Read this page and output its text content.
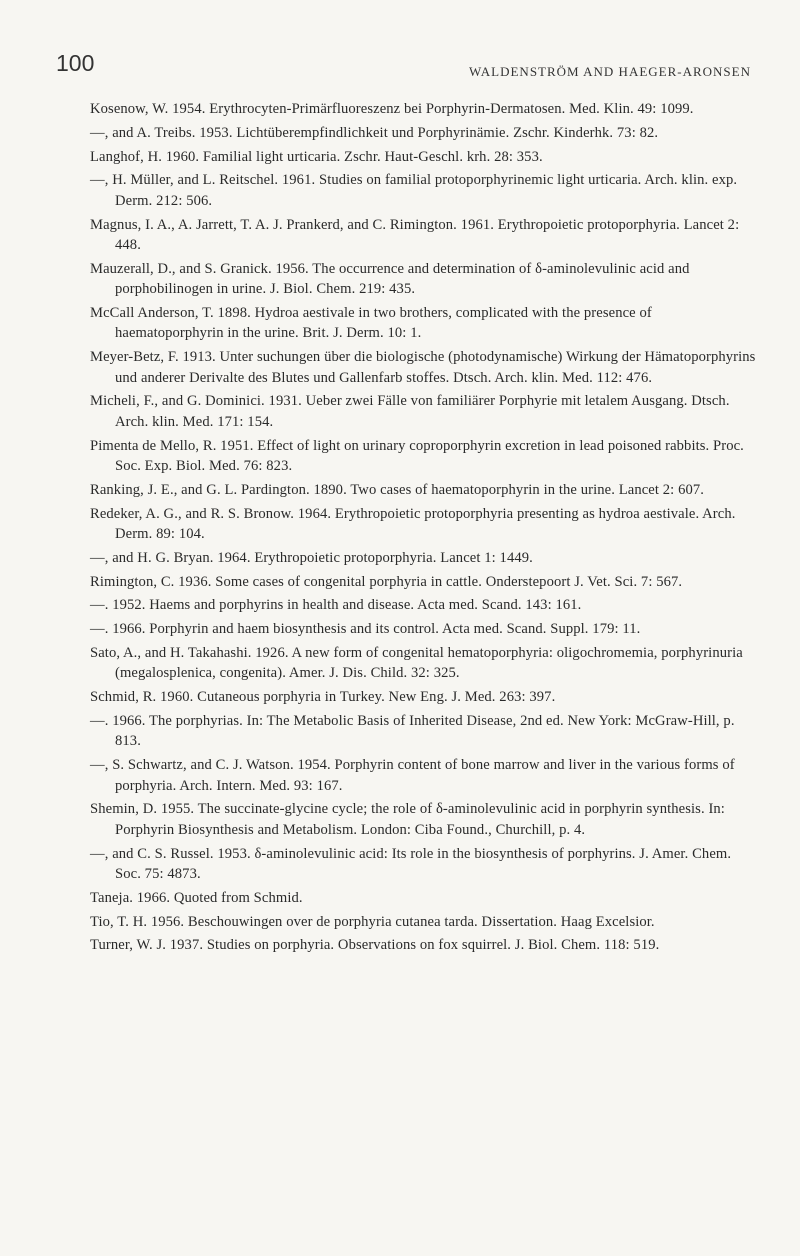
100	WALDENSTRÖM AND HAEGER-ARONSEN

Kosenow, W. 1954. Erythrocyten-Primärfluoreszenz bei Porphyrin-Dermatosen. Med. Klin. 49: 1099.

—, and A. Treibs. 1953. Lichtüberempfindlichkeit und Porphyrinämie. Zschr. Kinderhk. 73: 82.

Langhof, H. 1960. Familial light urticaria. Zschr. Haut-Geschl. krh. 28: 353.

—, H. Müller, and L. Reitschel. 1961. Studies on familial protoporphyrinemic light urticaria. Arch. klin. exp. Derm. 212: 506.

Magnus, I. A., A. Jarrett, T. A. J. Prankerd, and C. Rimington. 1961. Erythropoietic protoporphyria. Lancet 2: 448.

Mauzerall, D., and S. Granick. 1956. The occurrence and determination of δ-aminolevulinic acid and porphobilinogen in urine. J. Biol. Chem. 219: 435.

McCall Anderson, T. 1898. Hydroa aestivale in two brothers, complicated with the presence of haematoporphyrin in the urine. Brit. J. Derm. 10: 1.

Meyer-Betz, F. 1913. Unter suchungen über die biologische (photodynamische) Wirkung der Hämatoporphyrins und anderer Derivalte des Blutes und Gallenfarb stoffes. Dtsch. Arch. klin. Med. 112: 476.

Micheli, F., and G. Dominici. 1931. Ueber zwei Fälle von familiärer Porphyrie mit letalem Ausgang. Dtsch. Arch. klin. Med. 171: 154.

Pimenta de Mello, R. 1951. Effect of light on urinary coproporphyrin excretion in lead poisoned rabbits. Proc. Soc. Exp. Biol. Med. 76: 823.

Ranking, J. E., and G. L. Pardington. 1890. Two cases of haematoporphyrin in the urine. Lancet 2: 607.

Redeker, A. G., and R. S. Bronow. 1964. Erythropoietic protoporphyria presenting as hydroa aestivale. Arch. Derm. 89: 104.

—, and H. G. Bryan. 1964. Erythropoietic protoporphyria. Lancet 1: 1449.

Rimington, C. 1936. Some cases of congenital porphyria in cattle. Onderstepoort J. Vet. Sci. 7: 567.

—. 1952. Haems and porphyrins in health and disease. Acta med. Scand. 143: 161.

—. 1966. Porphyrin and haem biosynthesis and its control. Acta med. Scand. Suppl. 179: 11.

Sato, A., and H. Takahashi. 1926. A new form of congenital hematoporphyria: oligochromemia, porphyrinuria (megalosplenica, congenita). Amer. J. Dis. Child. 32: 325.

Schmid, R. 1960. Cutaneous porphyria in Turkey. New Eng. J. Med. 263: 397.

—. 1966. The porphyrias. In: The Metabolic Basis of Inherited Disease, 2nd ed. New York: McGraw-Hill, p. 813.

—, S. Schwartz, and C. J. Watson. 1954. Porphyrin content of bone marrow and liver in the various forms of porphyria. Arch. Intern. Med. 93: 167.

Shemin, D. 1955. The succinate-glycine cycle; the role of δ-aminolevulinic acid in porphyrin synthesis. In: Porphyrin Biosynthesis and Metabolism. London: Ciba Found., Churchill, p. 4.

—, and C. S. Russel. 1953. δ-aminolevulinic acid: Its role in the biosynthesis of porphyrins. J. Amer. Chem. Soc. 75: 4873.

Taneja. 1966. Quoted from Schmid.

Tio, T. H. 1956. Beschouwingen over de porphyria cutanea tarda. Dissertation. Haag Excelsior.

Turner, W. J. 1937. Studies on porphyria. Observations on fox squirrel. J. Biol. Chem. 118: 519.
